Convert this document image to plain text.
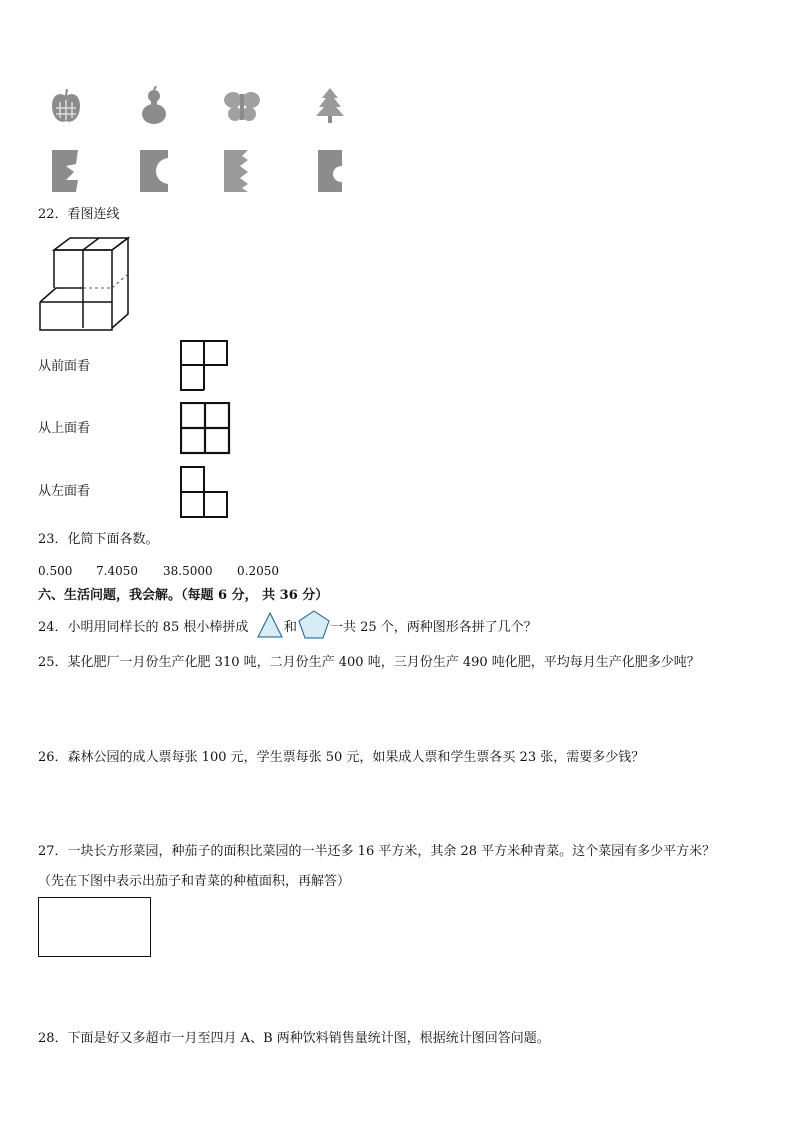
22．看图连线
从前面看
从上面看
从左面看
23．化简下面各数。
0.500 7.4050 38.5000 0.2050
六、生活问题，我会解。（每题 6 分， 共 36 分）
24．小明用同样长的 85 根小棒拼成	和	一共 25 个，两种图形各拼了几个？
25．某化肥厂一月份生产化肥 310 吨，二月份生产 400 吨，三月份生产 490 吨化肥，平均每月生产化肥多少吨？
26．森林公园的成人票每张 100 元，学生票每张 50 元，如果成人票和学生票各买 23 张，需要多少钱？
27．一块长方形菜园，种茄子的面积比菜园的一半还多 16 平方米，其余 28 平方米种青菜。这个菜园有多少平方米？
（先在下图中表示出茄子和青菜的种植面积，再解答）
28．下面是好又多超市一月至四月 A、B 两种饮料销售量统计图，根据统计图回答问题。
